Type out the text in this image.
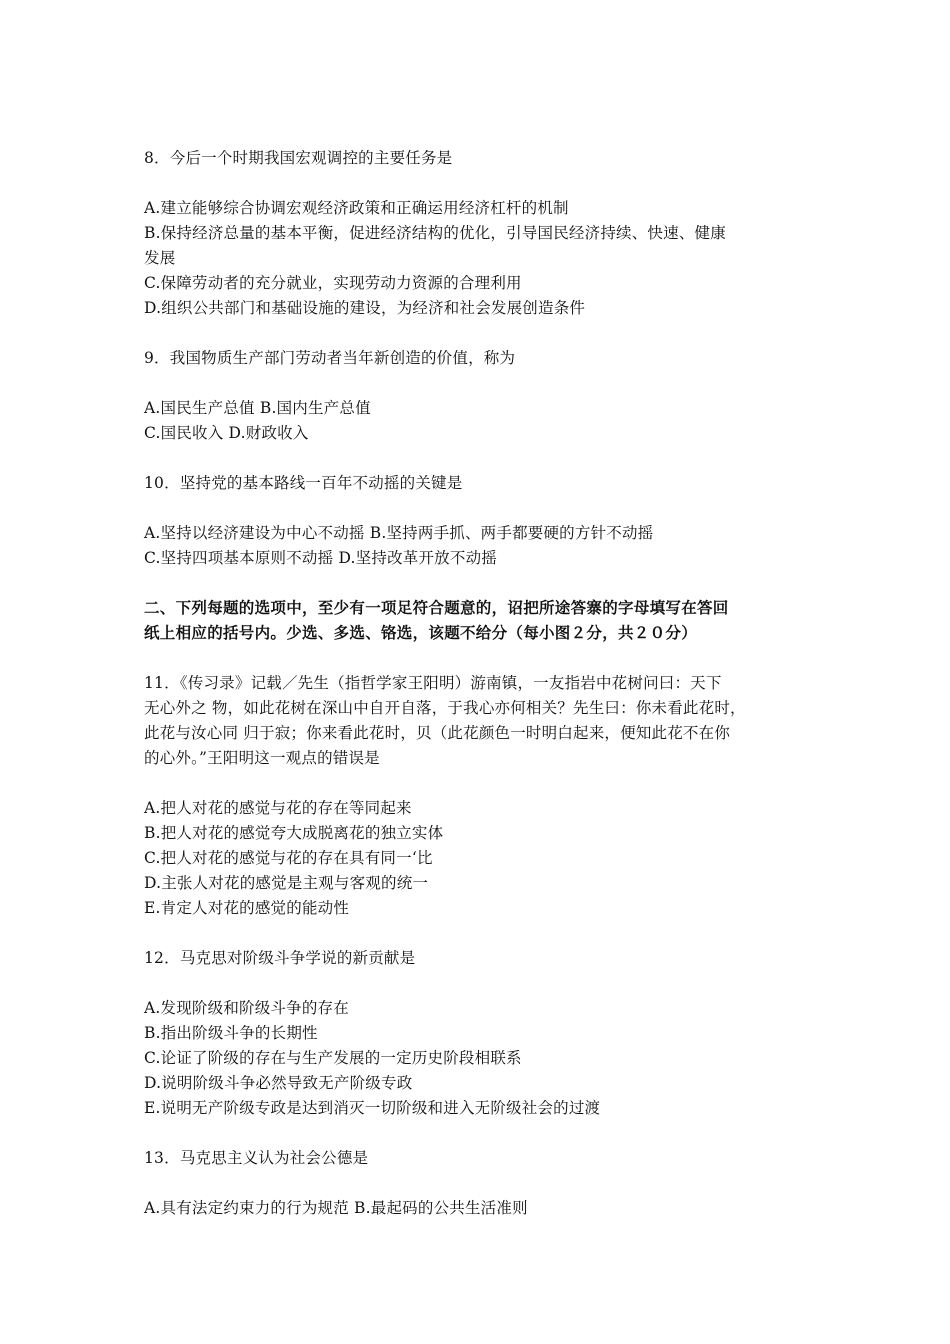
8．今后一个时期我国宏观调控的主要任务是
A.建立能够综合协调宏观经济政策和正确运用经济杠杆的机制
B.保持经济总量的基本平衡，促进经济结构的优化，引导国民经济持续、快速、健康
发展
C.保障劳动者的充分就业，实现劳动力资源的合理利用
D.组织公共部门和基础设施的建设，为经济和社会发展创造条件
9．我国物质生产部门劳动者当年新创造的价值，称为
A.国民生产总值 B.国内生产总值
C.国民收入 D.财政收入
10．坚持党的基本路线一百年不动摇的关键是
A.坚持以经济建设为中心不动摇 B.坚持两手抓、两手都要硬的方针不动摇
C.坚持四项基本原则不动摇 D.坚持改革开放不动摇
二、下列每题的选项中，至少有一项足符合题意的，诏把所途答寨的字母填写在答回
纸上相应的括号内。少选、多选、铬选，该题不给分（每小图２分，共２０分）
11．《传习录》记载／先生（指哲学家王阳明）游南镇，一友指岩中花树问曰：天下
无心外之 物，如此花树在深山中自开自落，于我心亦何相关？先生曰：你未看此花时，
此花与汝心同 归于寂；你来看此花时，贝（此花颜色一时明白起来，便知此花不在你
的心外。”王阳明这一观点的错误是
A.把人对花的感觉与花的存在等同起来
B.把人对花的感觉夸大成脱离花的独立实体
C.把人对花的感觉与花的存在具有同一‘比
D.主张人对花的感觉是主观与客观的统一
E.肯定人对花的感觉的能动性
12．马克思对阶级斗争学说的新贡献是
A.发现阶级和阶级斗争的存在
B.指出阶级斗争的长期性
C.论证了阶级的存在与生产发展的一定历史阶段相联系
D.说明阶级斗争必然导致无产阶级专政
E.说明无产阶级专政是达到消灭一切阶级和进入无阶级社会的过渡
13．马克思主义认为社会公德是
A.具有法定约束力的行为规范 B.最起码的公共生活准则
